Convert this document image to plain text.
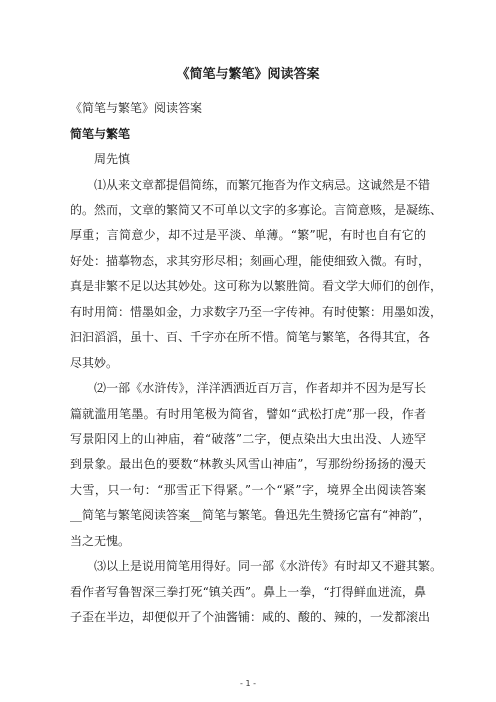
《简笔与繁笔》阅读答案
《简笔与繁笔》阅读答案
简笔与繁笔
周先慎
⑴从来文章都提倡简练，而繁冗拖沓为作文病忌。这诚然是不错
的。然而，文章的繁简又不可单以文字的多寡论。言简意赅，是凝练、
厚重；言简意少，却不过是平淡、单薄。“繁”呢，有时也自有它的
好处：描摹物态，求其穷形尽相；刻画心理，能使细致入微。有时，
真是非繁不足以达其妙处。这可称为以繁胜简。看文学大师们的创作，
有时用简：惜墨如金，力求数字乃至一字传神。有时使繁：用墨如泼，
汩汩滔滔，虽十、百、千字亦在所不惜。简笔与繁笔，各得其宜，各
尽其妙。
⑵一部《水浒传》，洋洋洒洒近百万言，作者却并不因为是写长
篇就滥用笔墨。有时用笔极为简省，譬如“武松打虎”那一段，作者
写景阳冈上的山神庙，着“破落”二字，便点染出大虫出没、人迹罕
到景象。最出色的要数“林教头风雪山神庙”，写那纷纷扬扬的漫天
大雪，只一句：“那雪正下得紧。”一个“紧”字，境界全出阅读答案
__简笔与繁笔阅读答案__简笔与繁笔。鲁迅先生赞扬它富有“神韵”，
当之无愧。
⑶以上是说用简笔用得好。同一部《水浒传》有时却又不避其繁。
看作者写鲁智深三拳打死“镇关西”。鼻上一拳，“打得鲜血迸流，鼻
子歪在半边，却便似开了个油酱铺：咸的、酸的、辣的，一发都滚出
- 1 -
